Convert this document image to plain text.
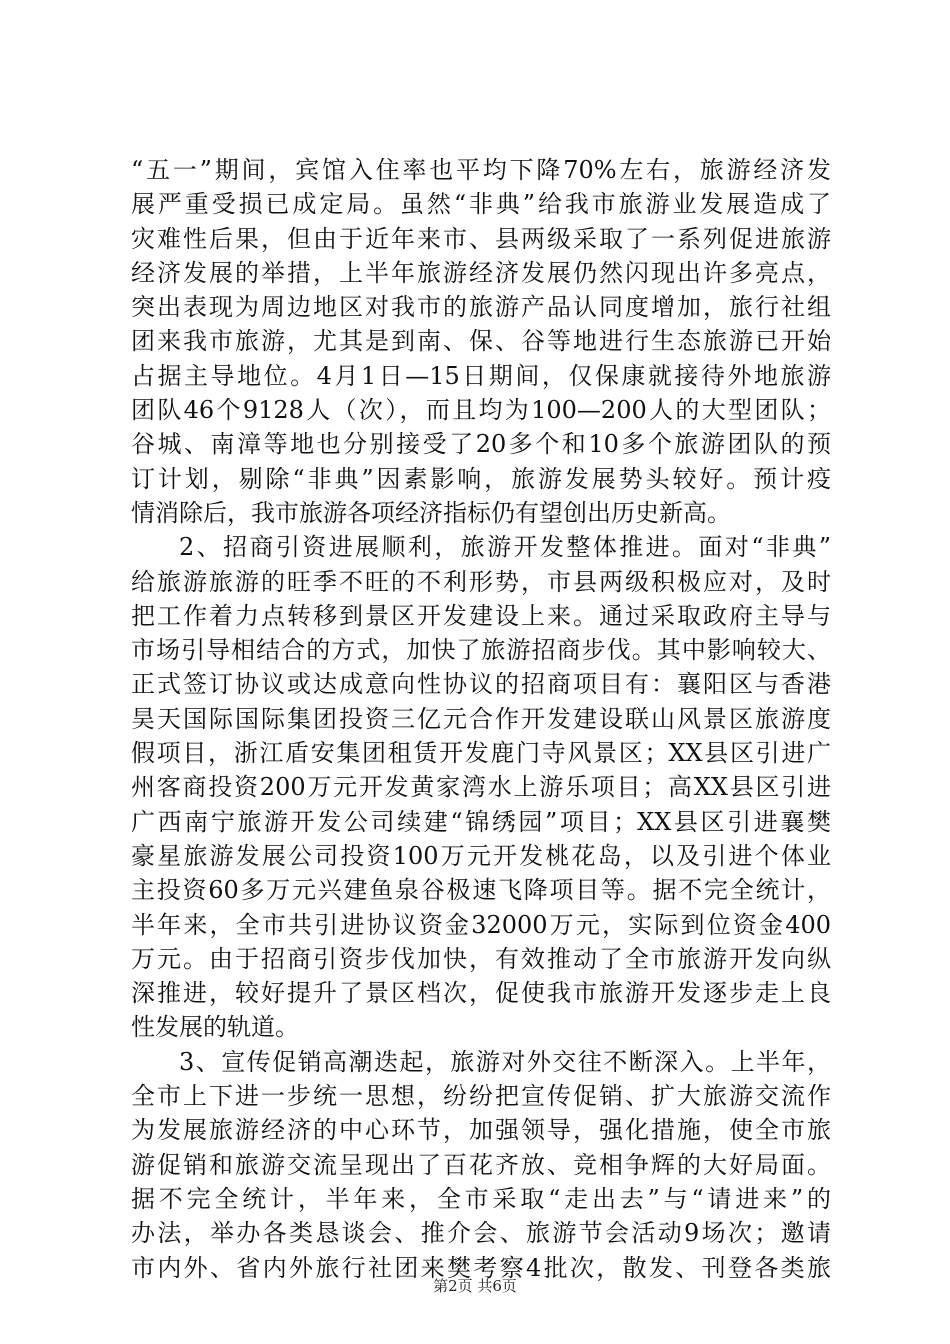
“五一”期间，宾馆入住率也平均下降70%左右，旅游经济发
展严重受损已成定局。虽然“非典”给我市旅游业发展造成了
灾难性后果，但由于近年来市、县两级采取了一系列促进旅游
经济发展的举措，上半年旅游经济发展仍然闪现出许多亮点，
突出表现为周边地区对我市的旅游产品认同度增加，旅行社组
团来我市旅游，尤其是到南、保、谷等地进行生态旅游已开始
占据主导地位。4月1日—15日期间，仅保康就接待外地旅游
团队46个9128人（次），而且均为100—200人的大型团队；
谷城、南漳等地也分别接受了20多个和10多个旅游团队的预
订计划，剔除“非典”因素影响，旅游发展势头较好。预计疫
情消除后，我市旅游各项经济指标仍有望创出历史新高。
2、招商引资进展顺利，旅游开发整体推进。面对“非典”
给旅游旅游的旺季不旺的不利形势，市县两级积极应对，及时
把工作着力点转移到景区开发建设上来。通过采取政府主导与
市场引导相结合的方式，加快了旅游招商步伐。其中影响较大、
正式签订协议或达成意向性协议的招商项目有：襄阳区与香港
昊天国际国际集团投资三亿元合作开发建设联山风景区旅游度
假项目，浙江盾安集团租赁开发鹿门寺风景区；XX县区引进广
州客商投资200万元开发黄家湾水上游乐项目；高XX县区引进
广西南宁旅游开发公司续建“锦绣园”项目；XX县区引进襄樊
豪星旅游发展公司投资100万元开发桃花岛，以及引进个体业
主投资60多万元兴建鱼泉谷极速飞降项目等。据不完全统计，
半年来，全市共引进协议资金32000万元，实际到位资金400
万元。由于招商引资步伐加快，有效推动了全市旅游开发向纵
深推进，较好提升了景区档次，促使我市旅游开发逐步走上良
性发展的轨道。
3、宣传促销高潮迭起，旅游对外交往不断深入。上半年，
全市上下进一步统一思想，纷纷把宣传促销、扩大旅游交流作
为发展旅游经济的中心环节，加强领导，强化措施，使全市旅
游促销和旅游交流呈现出了百花齐放、竞相争辉的大好局面。
据不完全统计，半年来，全市采取“走出去”与“请进来”的
办法，举办各类恳谈会、推介会、旅游节会活动9场次；邀请
市内外、省内外旅行社团来樊考察4批次，散发、刊登各类旅
第2页 共6页
